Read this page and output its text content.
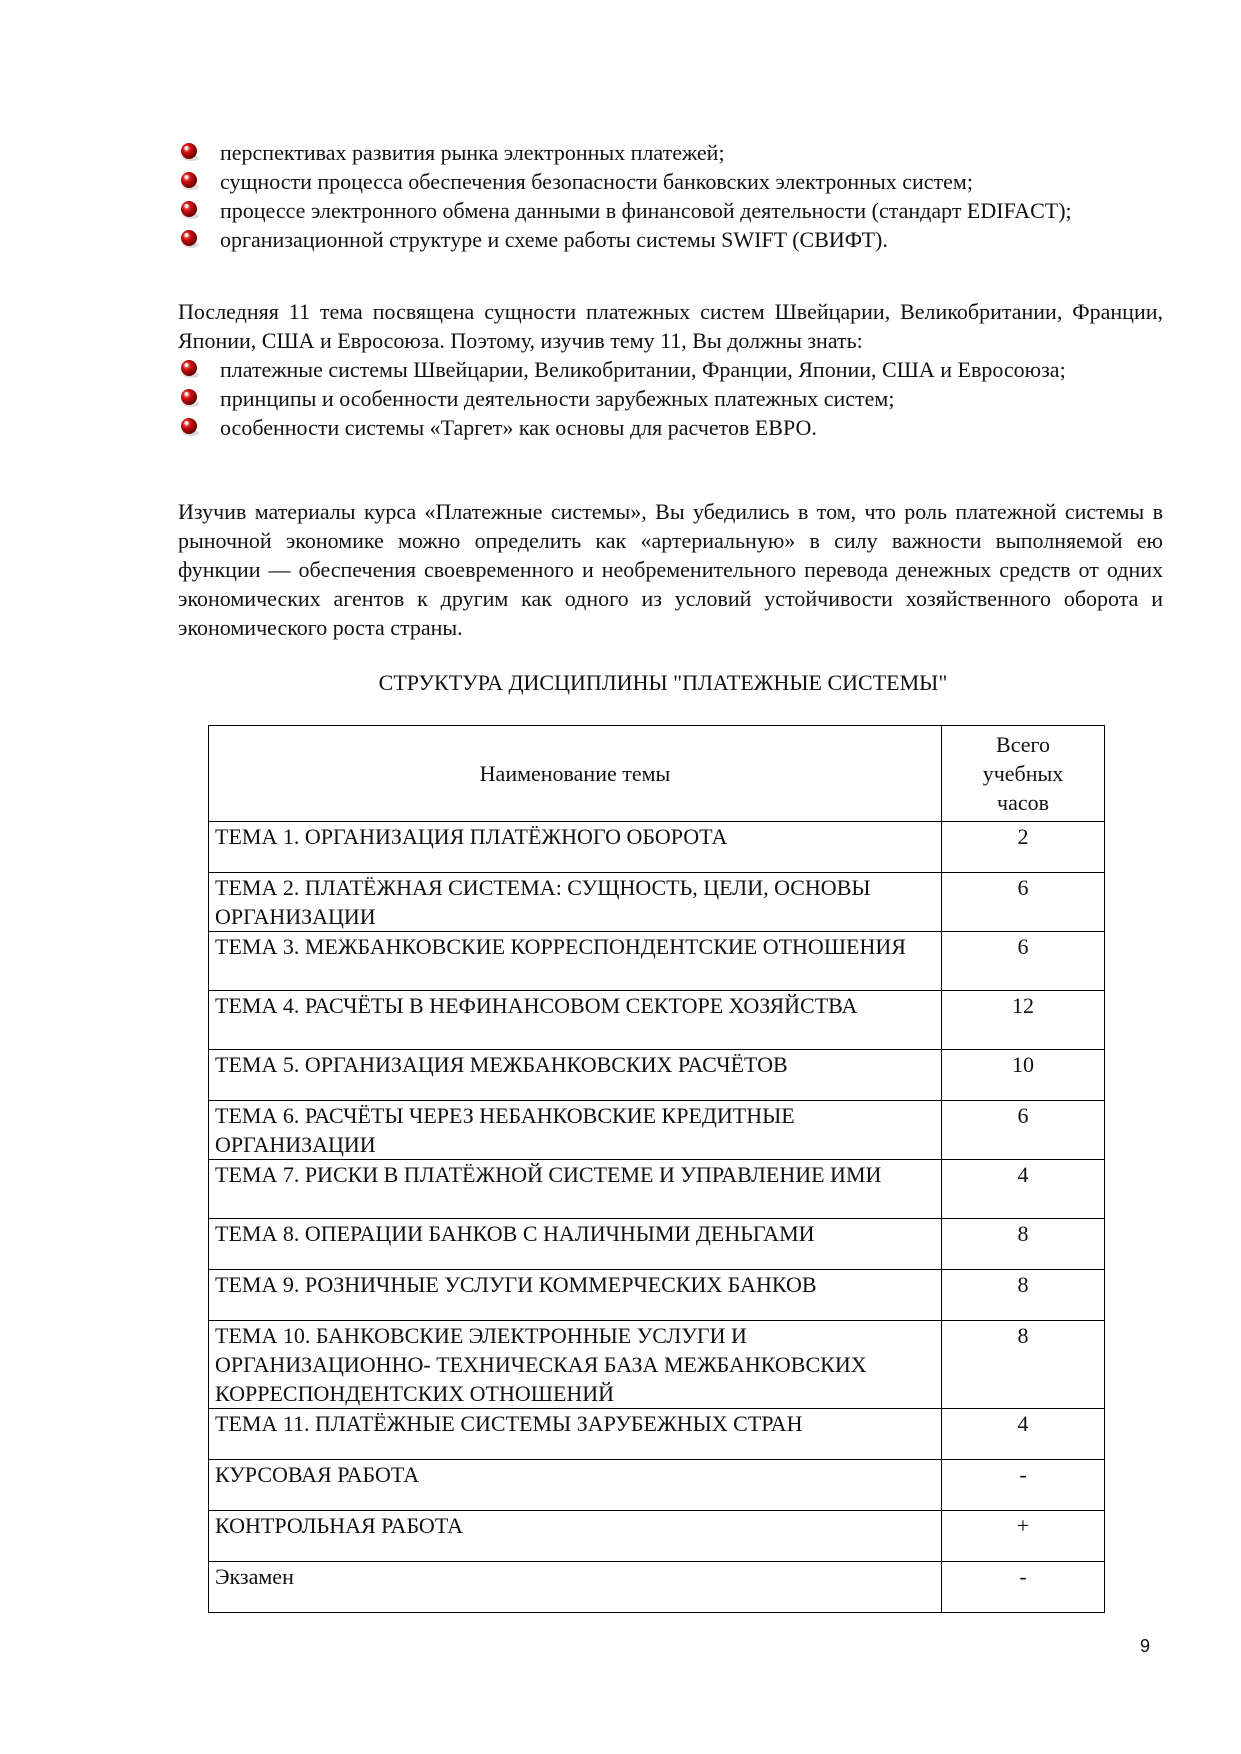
перспективах развития рынка электронных платежей;
сущности процесса обеспечения безопасности банковских электронных систем;
процессе электронного обмена данными в финансовой деятельности (стандарт EDIFACT);
организационной структуре и схеме работы системы SWIFT (СВИФТ).

Последняя 11 тема посвящена сущности платежных систем Швейцарии, Великобритании, Франции, Японии, США и Евросоюза. Поэтому, изучив тему 11, Вы должны знать:

платежные системы Швейцарии, Великобритании, Франции, Японии, США и Евросоюза;
принципы и особенности деятельности зарубежных платежных систем;
особенности системы «Таргет» как основы для расчетов ЕВРО.

Изучив материалы курса «Платежные системы», Вы убедились в том, что роль платежной системы в рыночной экономике можно определить как «артериальную» в силу важности выполняемой ею функции — обеспечения своевременного и необременительного перевода денежных средств от одних экономических агентов к другим как одного из условий устойчивости хозяйственного оборота и экономического роста страны.

СТРУКТУРА ДИСЦИПЛИНЫ "ПЛАТЕЖНЫЕ СИСТЕМЫ"
Наименование темы	Всего учебных часов
ТЕМА 1. ОРГАНИЗАЦИЯ ПЛАТЁЖНОГО ОБОРОТА	2
ТЕМА 2. ПЛАТЁЖНАЯ СИСТЕМА: СУЩНОСТЬ, ЦЕЛИ, ОСНОВЫ ОРГАНИЗАЦИИ	6
ТЕМА 3. МЕЖБАНКОВСКИЕ КОРРЕСПОНДЕНТСКИЕ ОТНОШЕНИЯ	6
ТЕМА 4. РАСЧЁТЫ В НЕФИНАНСОВОМ СЕКТОРЕ ХОЗЯЙСТВА	12
ТЕМА 5. ОРГАНИЗАЦИЯ МЕЖБАНКОВСКИХ РАСЧЁТОВ	10
ТЕМА 6. РАСЧЁТЫ ЧЕРЕЗ НЕБАНКОВСКИЕ КРЕДИТНЫЕ ОРГАНИЗАЦИИ	6
ТЕМА 7. РИСКИ В ПЛАТЁЖНОЙ СИСТЕМЕ И УПРАВЛЕНИЕ ИМИ	4
ТЕМА 8. ОПЕРАЦИИ БАНКОВ С НАЛИЧНЫМИ ДЕНЬГАМИ	8
ТЕМА 9. РОЗНИЧНЫЕ УСЛУГИ КОММЕРЧЕСКИХ БАНКОВ	8
ТЕМА 10. БАНКОВСКИЕ ЭЛЕКТРОННЫЕ УСЛУГИ И ОРГАНИЗАЦИОННО- ТЕХНИЧЕСКАЯ БАЗА МЕЖБАНКОВСКИХ КОРРЕСПОНДЕНТСКИХ ОТНОШЕНИЙ	8
ТЕМА 11. ПЛАТЁЖНЫЕ СИСТЕМЫ ЗАРУБЕЖНЫХ СТРАН	4
КУРСОВАЯ РАБОТА	-
КОНТРОЛЬНАЯ РАБОТА	+
Экзамен	-
9
